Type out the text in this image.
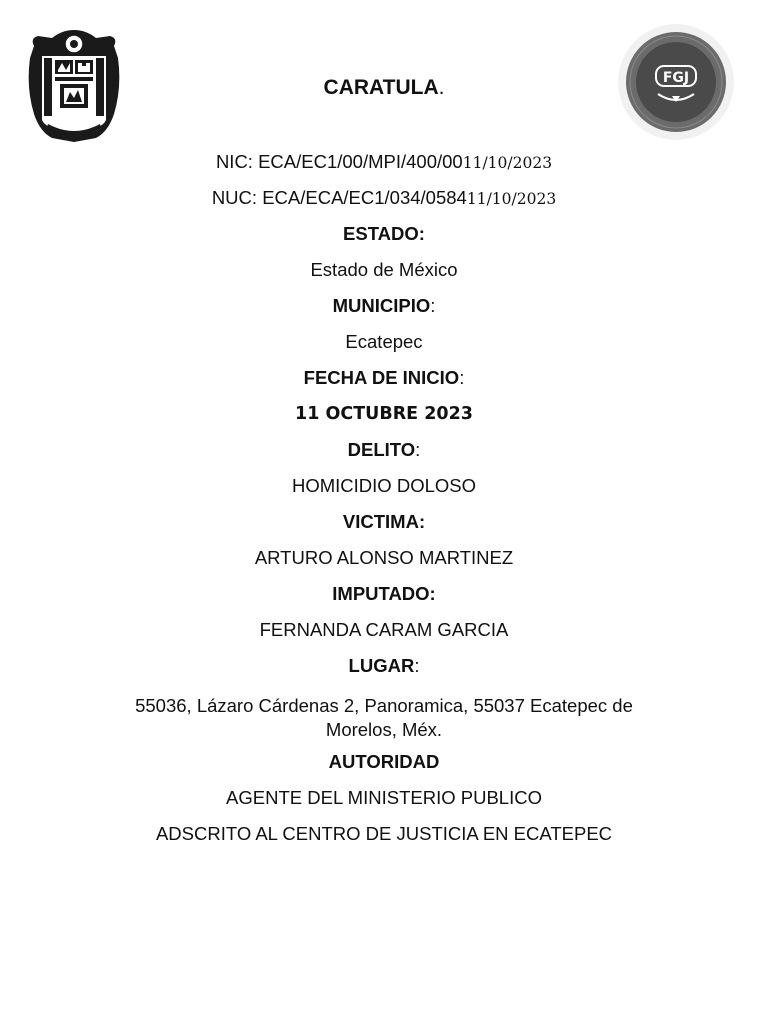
FGJ
CARATULA.
NIC: ECA/EC1/00/MPI/400/0011/10/2023
NUC: ECA/ECA/EC1/034/058411/10/2023
ESTADO:
Estado de México
MUNICIPIO:
Ecatepec
FECHA DE INICIO:
11 OCTUBRE 2023
DELITO:
HOMICIDIO DOLOSO
VICTIMA:
ARTURO ALONSO MARTINEZ
IMPUTADO:
FERNANDA CARAM GARCIA
LUGAR:
55036, Lázaro Cárdenas 2, Panoramica, 55037 Ecatepec de Morelos, Méx.
AUTORIDAD
AGENTE DEL MINISTERIO PUBLICO
ADSCRITO AL CENTRO DE JUSTICIA EN ECATEPEC
